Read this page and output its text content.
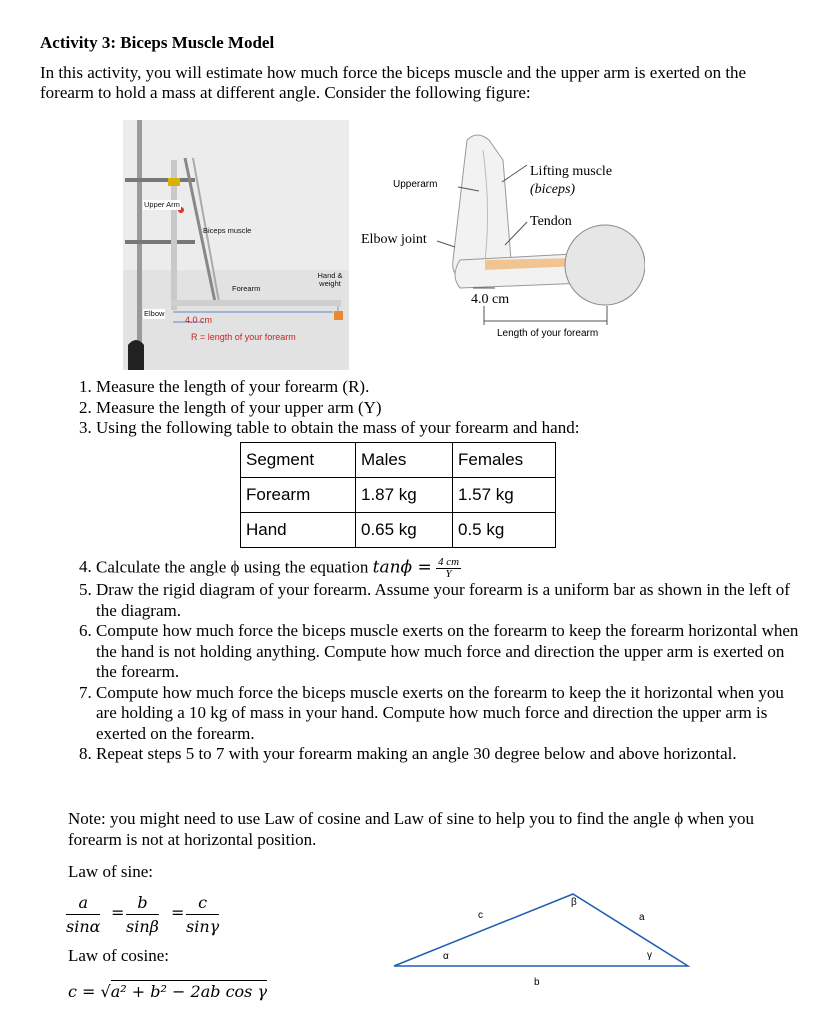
Activity 3: Biceps Muscle Model
In this activity, you will estimate how much force the biceps muscle and the upper arm is exerted on the forearm to hold a mass at different angle. Consider the following figure:
Upper Arm
Biceps muscle
Hand & weight
Forearm
Elbow
4.0 cm
R = length of your forearm
Upperarm
Lifting muscle
(biceps)
Tendon
Elbow joint
4.0 cm
Length of your forearm
1. Measure the length of your forearm (R).
2. Measure the length of your upper arm (Y)
3. Using the following table to obtain the mass of your forearm and hand:
Segment	Males	Females
Forearm	1.87 kg	1.57 kg
Hand	0.65 kg	0.5 kg
4. Calculate the angle ϕ using the equation $\tan\phi = \frac{4 cm}{Y}$
5. Draw the rigid diagram of your forearm. Assume your forearm is a uniform bar as shown in the left of the diagram.
6. Compute how much force the biceps muscle exerts on the forearm to keep the forearm horizontal when the hand is not holding anything. Compute how much force and direction the upper arm is exerted on the forearm.
7. Compute how much force the biceps muscle exerts on the forearm to keep the it horizontal when you are holding a 10 kg of mass in your hand. Compute how much force and direction the upper arm is exerted on the forearm.
8. Repeat steps 5 to 7 with your forearm making an angle 30 degree below and above horizontal.
Note: you might need to use Law of cosine and Law of sine to help you to find the angle ϕ when you forearm is not at horizontal position.
Law of sine:
a
sinα
=
b
sinβ
=
c
sinγ
Law of cosine:
c = √a² + b² − 2ab cos γ
c
β
a
α	γ
b
